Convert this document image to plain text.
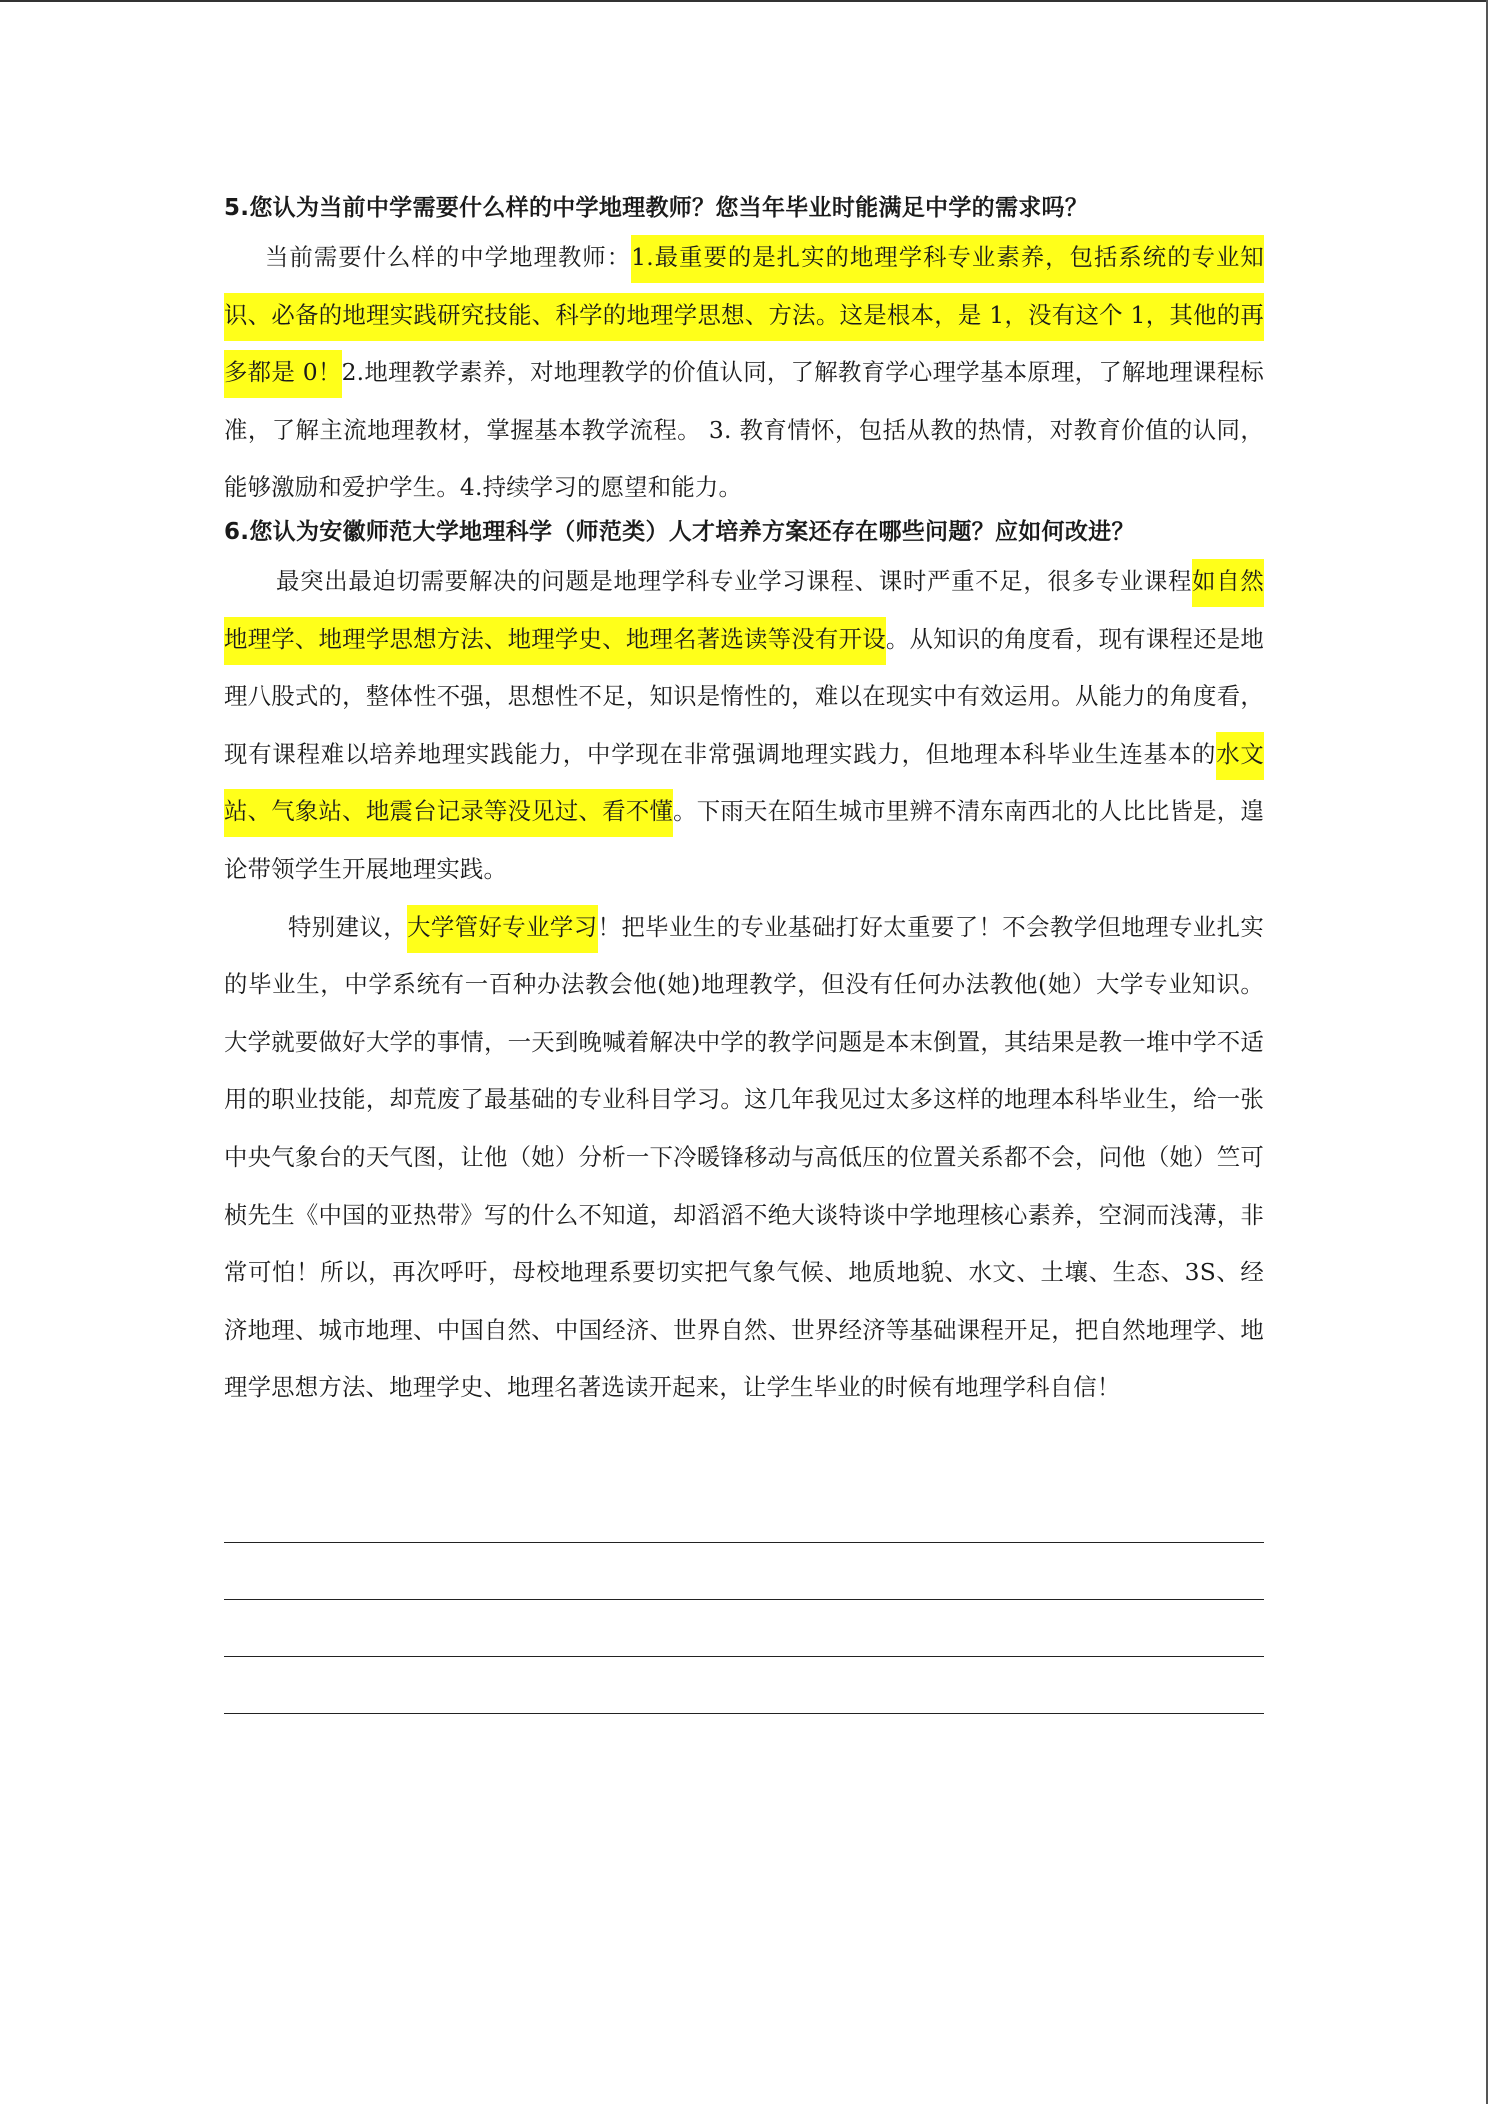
5.您认为当前中学需要什么样的中学地理教师？您当年毕业时能满足中学的需求吗？
当前需要什么样的中学地理教师：1.最重要的是扎实的地理学科专业素养，包括系统的专业知识、必备的地理实践研究技能、科学的地理学思想、方法。这是根本，是 1，没有这个 1，其他的再多都是 0！2.地理教学素养，对地理教学的价值认同，了解教育学心理学基本原理，了解地理课程标准，了解主流地理教材，掌握基本教学流程。 3. 教育情怀，包括从教的热情，对教育价值的认同，能够激励和爱护学生。4.持续学习的愿望和能力。
6.您认为安徽师范大学地理科学（师范类）人才培养方案还存在哪些问题？应如何改进？
最突出最迫切需要解决的问题是地理学科专业学习课程、课时严重不足，很多专业课程如自然地理学、地理学思想方法、地理学史、地理名著选读等没有开设。从知识的角度看，现有课程还是地理八股式的，整体性不强，思想性不足，知识是惰性的，难以在现实中有效运用。从能力的角度看，现有课程难以培养地理实践能力，中学现在非常强调地理实践力，但地理本科毕业生连基本的水文站、气象站、地震台记录等没见过、看不懂。下雨天在陌生城市里辨不清东南西北的人比比皆是，遑论带领学生开展地理实践。
特别建议，大学管好专业学习！把毕业生的专业基础打好太重要了！不会教学但地理专业扎实的毕业生，中学系统有一百种办法教会他(她)地理教学，但没有任何办法教他(她）大学专业知识。大学就要做好大学的事情，一天到晚喊着解决中学的教学问题是本末倒置，其结果是教一堆中学不适用的职业技能，却荒废了最基础的专业科目学习。这几年我见过太多这样的地理本科毕业生，给一张中央气象台的天气图，让他（她）分析一下冷暖锋移动与高低压的位置关系都不会，问他（她）竺可桢先生《中国的亚热带》写的什么不知道，却滔滔不绝大谈特谈中学地理核心素养，空洞而浅薄，非常可怕！所以，再次呼吁，母校地理系要切实把气象气候、地质地貌、水文、土壤、生态、3S、经济地理、城市地理、中国自然、中国经济、世界自然、世界经济等基础课程开足，把自然地理学、地理学思想方法、地理学史、地理名著选读开起来，让学生毕业的时候有地理学科自信！
